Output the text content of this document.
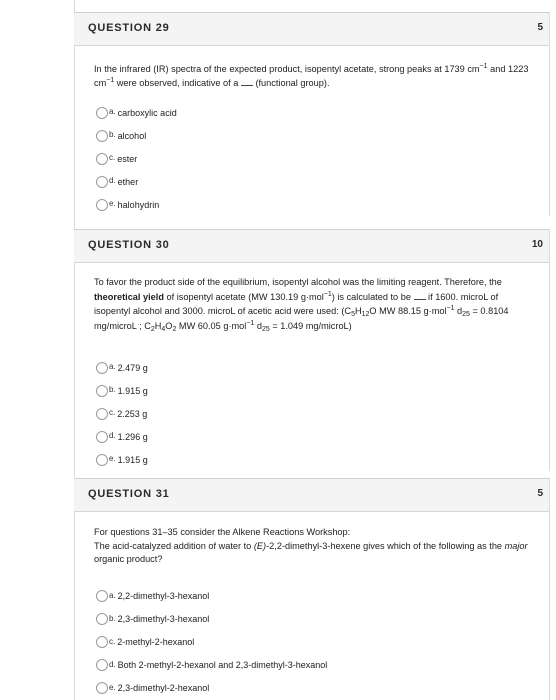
QUESTION 29	5
In the infrared (IR) spectra of the expected product, isopentyl acetate, strong peaks at 1739 $cm^{-1}$ and 1223 $cm^{-1}$ were observed, indicative of a  (functional group).
a. carboxylic acid
b. alcohol
c. ester
d. ether
e. halohydrin
QUESTION 30	10
To favor the product side of the equilibrium, isopentyl alcohol was the limiting reagent. Therefore, the theoretical yield of isopentyl acetate (MW 130.19 g·mol$^{-1}$) is calculated to be  if 1600. microL of isopentyl alcohol and 3000. microL of acetic acid were used: ($C_5H_{12}O$ MW 88.15 g·mol$^{-1}$ $d_{25} = 0.8104$ mg/microL ; $C_2H_4O_2$ MW 60.05 g·mol$^{-1}$ $d_{25} = 1.049$ mg/microL)
a. 2.479 g
b. 1.915 g
c. 2.253 g
d. 1.296 g
e. 1.915 g
QUESTION 31	5
For questions 31–35 consider the Alkene Reactions Workshop:
The acid-catalyzed addition of water to (E)-2,2-dimethyl-3-hexene gives which of the following as the major organic product?
a. 2,2-dimethyl-3-hexanol
b. 2,3-dimethyl-3-hexanol
c. 2-methyl-2-hexanol
d. Both 2-methyl-2-hexanol and 2,3-dimethyl-3-hexanol
e. 2,3-dimethyl-2-hexanol
